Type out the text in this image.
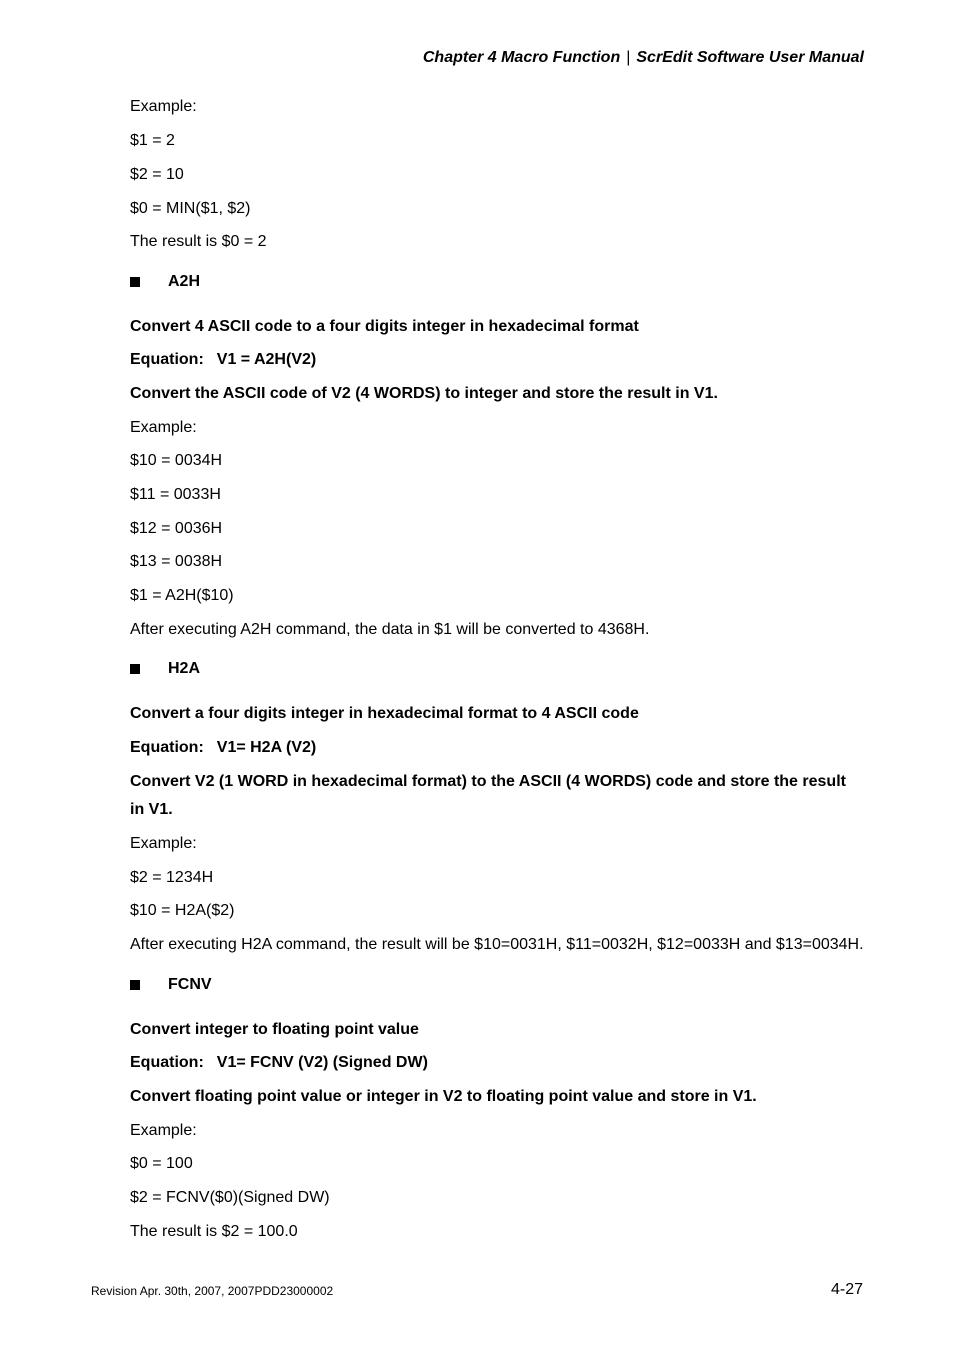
Chapter 4 Macro Function | ScrEdit Software User Manual
Example:
$1 = 2
$2 = 10
$0 = MIN($1, $2)
The result is $0 = 2
A2H
Convert 4 ASCII code to a four digits integer in hexadecimal format
Equation: V1 = A2H(V2)
Convert the ASCII code of V2 (4 WORDS) to integer and store the result in V1.
Example:
$10 = 0034H
$11 = 0033H
$12 = 0036H
$13 = 0038H
$1 = A2H($10)
After executing A2H command, the data in $1 will be converted to 4368H.
H2A
Convert a four digits integer in hexadecimal format to 4 ASCII code
Equation: V1= H2A (V2)
Convert V2 (1 WORD in hexadecimal format) to the ASCII (4 WORDS) code and store the result
in V1.
Example:
$2 = 1234H
$10 = H2A($2)
After executing H2A command, the result will be $10=0031H, $11=0032H, $12=0033H and $13=0034H.
FCNV
Convert integer to floating point value
Equation: V1= FCNV (V2) (Signed DW)
Convert floating point value or integer in V2 to floating point value and store in V1.
Example:
$0 = 100
$2 = FCNV($0)(Signed DW)
The result is $2 = 100.0
Revision Apr. 30th, 2007, 2007PDD23000002	4-27
